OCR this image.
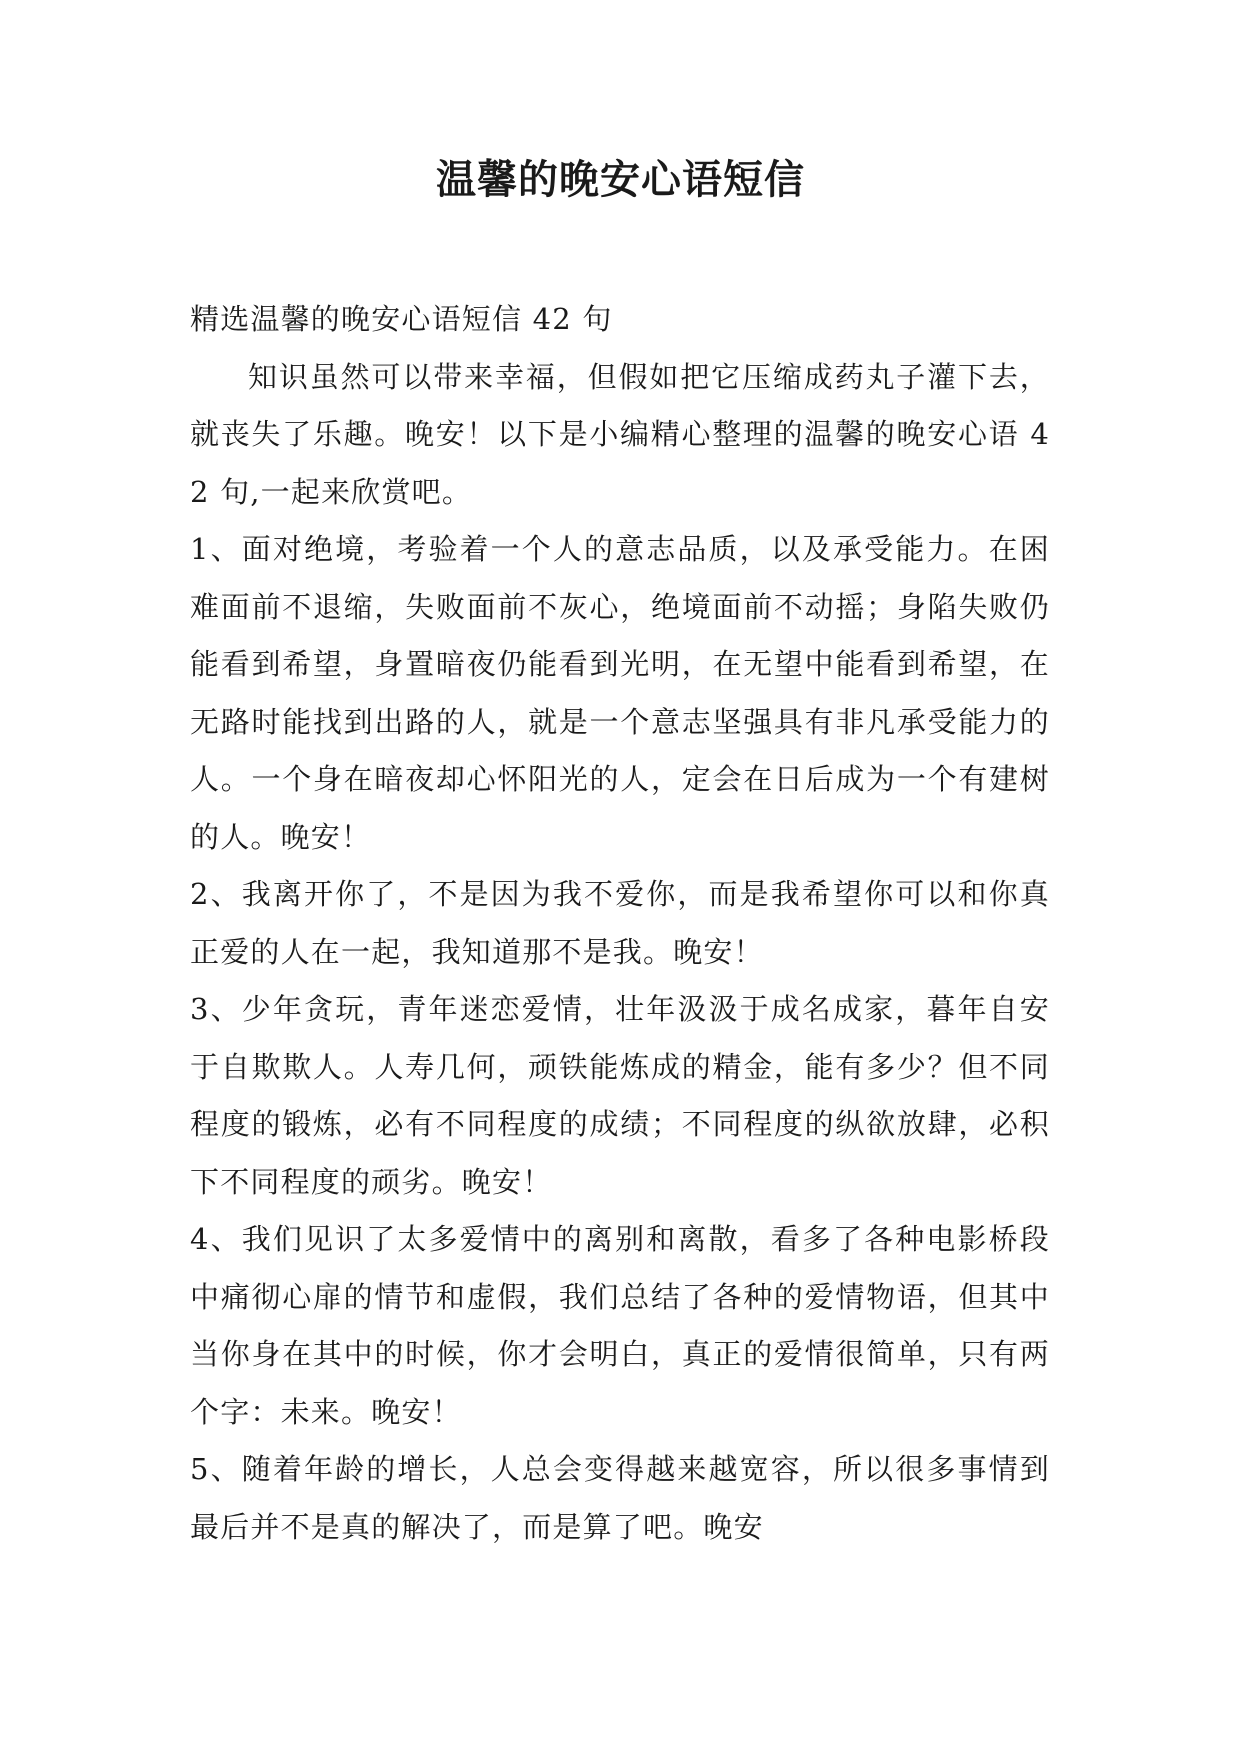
温馨的晚安心语短信

精选温馨的晚安心语短信 42 句

知识虽然可以带来幸福，但假如把它压缩成药丸子灌下去，就丧失了乐趣。晚安！以下是小编精心整理的温馨的晚安心语 42 句,一起来欣赏吧。

1、面对绝境，考验着一个人的意志品质，以及承受能力。在困难面前不退缩，失败面前不灰心，绝境面前不动摇；身陷失败仍能看到希望，身置暗夜仍能看到光明，在无望中能看到希望，在无路时能找到出路的人，就是一个意志坚强具有非凡承受能力的人。一个身在暗夜却心怀阳光的人，定会在日后成为一个有建树的人。晚安！

2、我离开你了，不是因为我不爱你，而是我希望你可以和你真正爱的人在一起，我知道那不是我。晚安！

3、少年贪玩，青年迷恋爱情，壮年汲汲于成名成家，暮年自安于自欺欺人。人寿几何，顽铁能炼成的精金，能有多少？但不同程度的锻炼，必有不同程度的成绩；不同程度的纵欲放肆，必积下不同程度的顽劣。晚安！

4、我们见识了太多爱情中的离别和离散，看多了各种电影桥段中痛彻心扉的情节和虚假，我们总结了各种的爱情物语，但其中当你身在其中的时候，你才会明白，真正的爱情很简单，只有两个字：未来。晚安！

5、随着年龄的增长，人总会变得越来越宽容，所以很多事情到最后并不是真的解决了，而是算了吧。晚安
